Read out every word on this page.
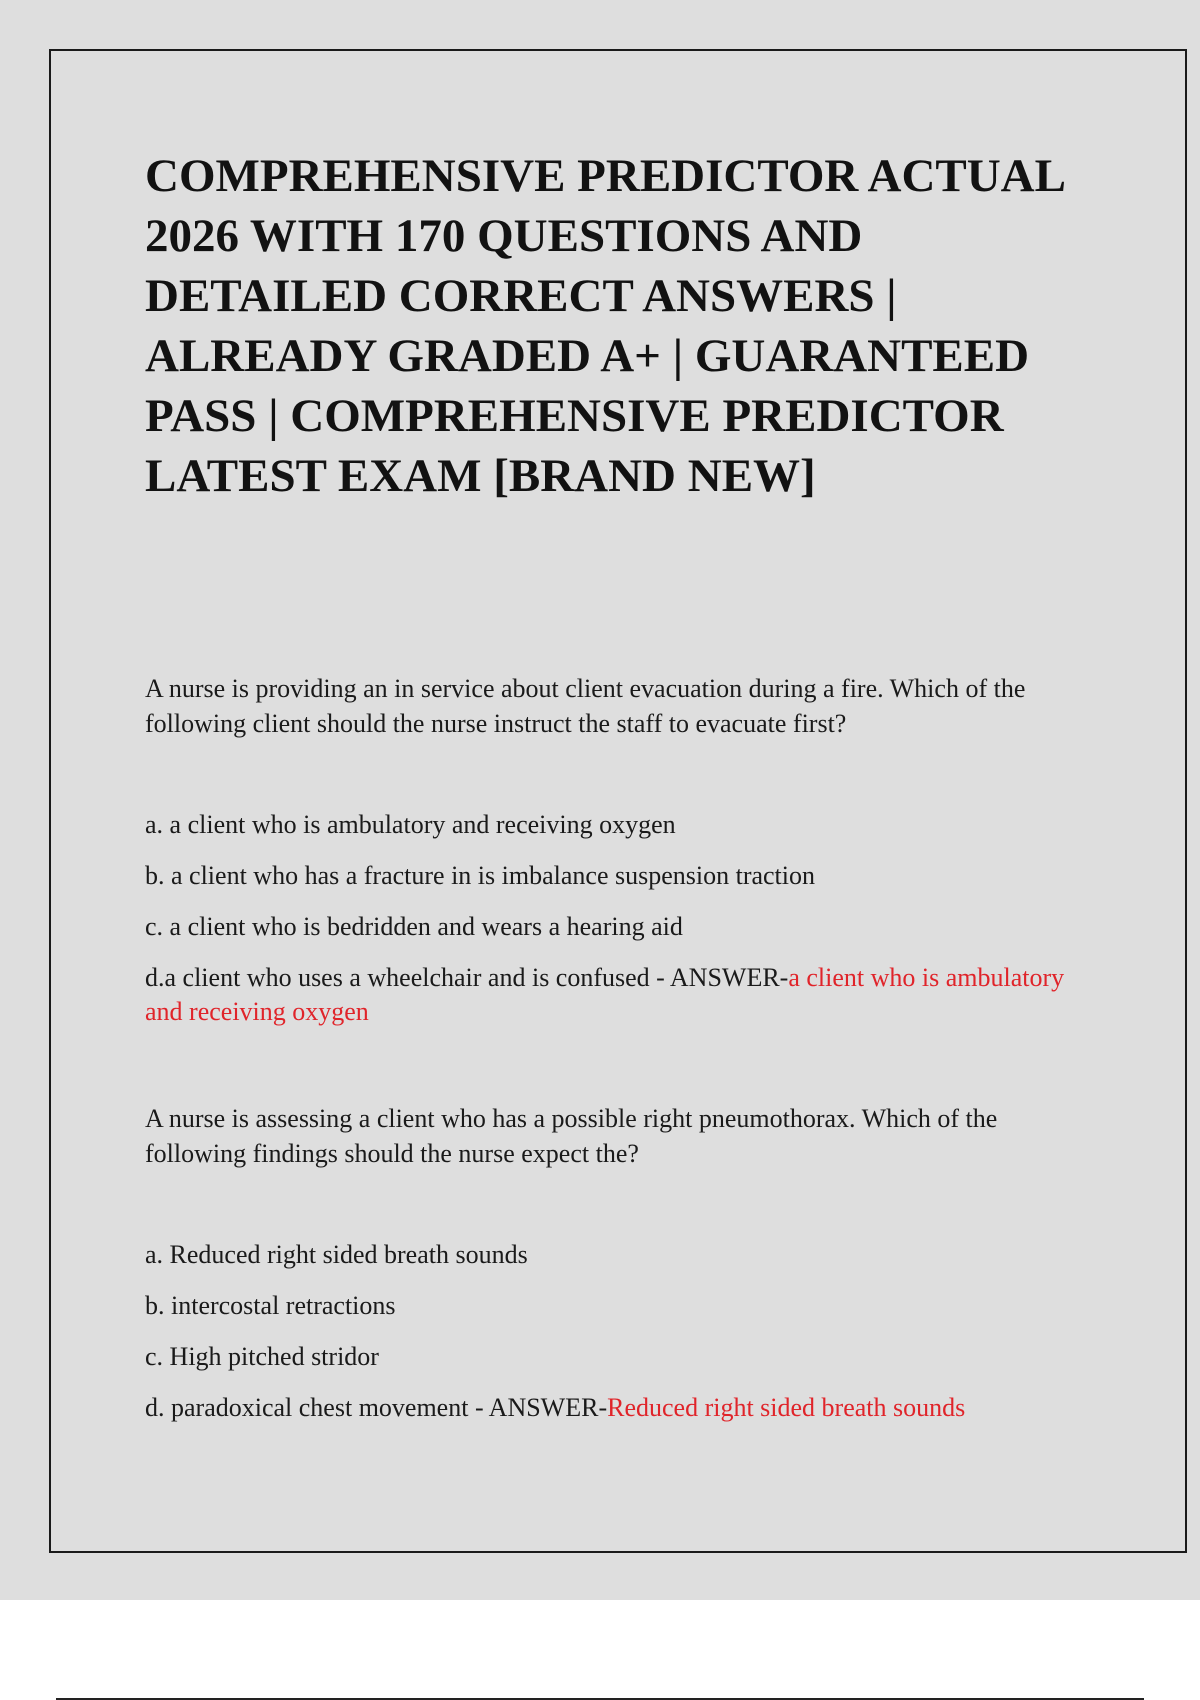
COMPREHENSIVE PREDICTOR ACTUAL 2026 WITH 170 QUESTIONS AND DETAILED CORRECT ANSWERS | ALREADY GRADED A+ | GUARANTEED PASS | COMPREHENSIVE PREDICTOR LATEST EXAM [BRAND NEW]

A nurse is providing an in service about client evacuation during a fire. Which of the following client should the nurse instruct the staff to evacuate first?

a. a client who is ambulatory and receiving oxygen

b. a client who has a fracture in is imbalance suspension traction

c. a client who is bedridden and wears a hearing aid

d.a client who uses a wheelchair and is confused - ANSWER-a client who is ambulatory and receiving oxygen

A nurse is assessing a client who has a possible right pneumothorax. Which of the following findings should the nurse expect the?

a. Reduced right sided breath sounds

b. intercostal retractions

c. High pitched stridor

d. paradoxical chest movement - ANSWER-Reduced right sided breath sounds
